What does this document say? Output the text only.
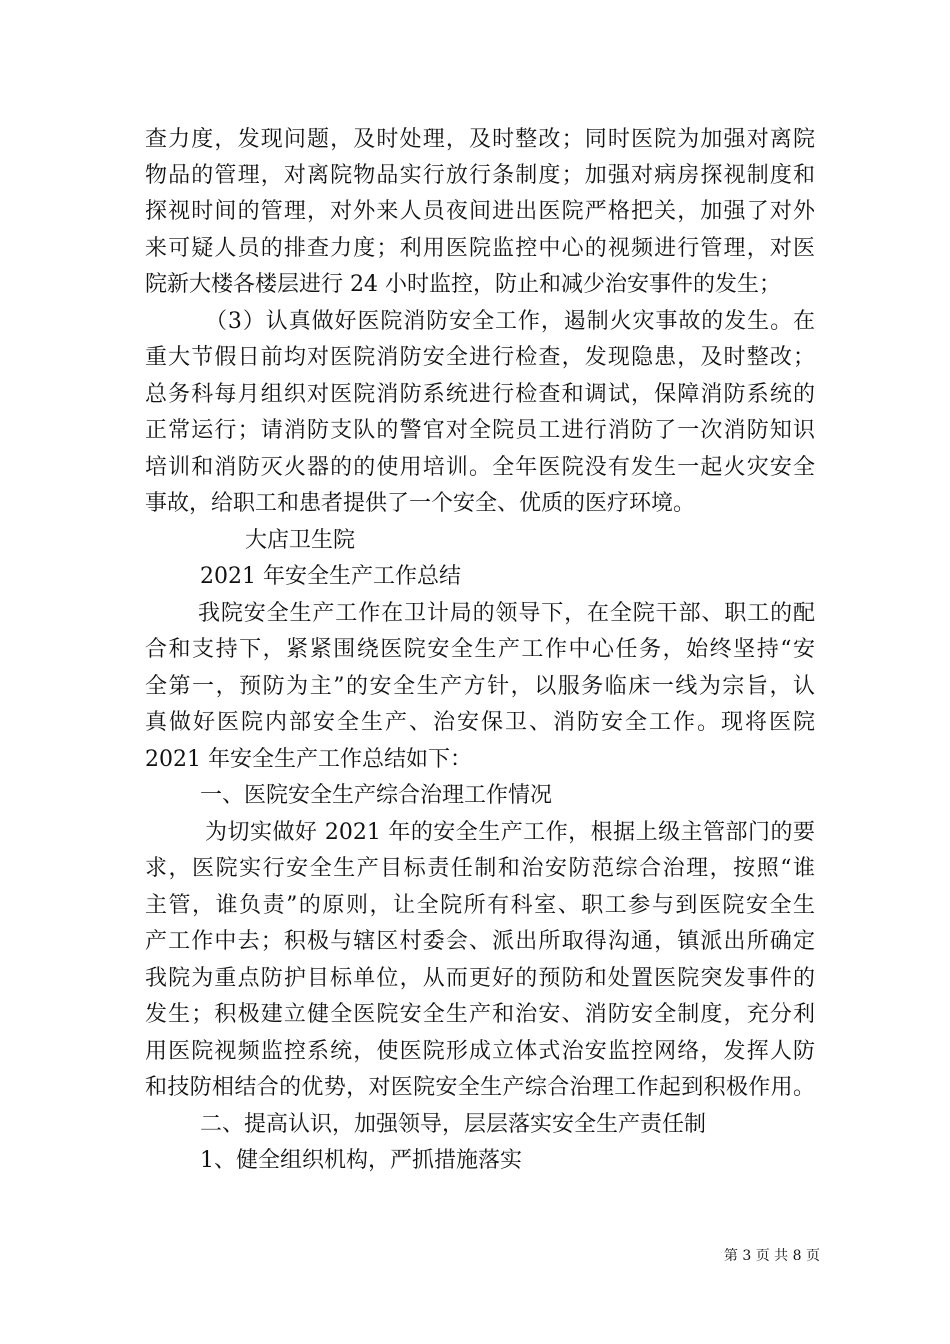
查力度，发现问题，及时处理，及时整改；同时医院为加强对离院
物品的管理，对离院物品实行放行条制度；加强对病房探视制度和
探视时间的管理，对外来人员夜间进出医院严格把关，加强了对外
来可疑人员的排查力度；利用医院监控中心的视频进行管理，对医
院新大楼各楼层进行 24 小时监控，防止和减少治安事件的发生；
（3）认真做好医院消防安全工作，遏制火灾事故的发生。在
重大节假日前均对医院消防安全进行检查，发现隐患，及时整改；
总务科每月组织对医院消防系统进行检查和调试，保障消防系统的
正常运行；请消防支队的警官对全院员工进行消防了一次消防知识
培训和消防灭火器的的使用培训。全年医院没有发生一起火灾安全
事故，给职工和患者提供了一个安全、优质的医疗环境。
大店卫生院
2021 年安全生产工作总结
我院安全生产工作在卫计局的领导下，在全院干部、职工的配
合和支持下，紧紧围绕医院安全生产工作中心任务，始终坚持“安
全第一，预防为主”的安全生产方针，以服务临床一线为宗旨，认
真做好医院内部安全生产、治安保卫、消防安全工作。现将医院
2021 年安全生产工作总结如下：
一、医院安全生产综合治理工作情况
为切实做好 2021 年的安全生产工作，根据上级主管部门的要
求，医院实行安全生产目标责任制和治安防范综合治理，按照“谁
主管，谁负责”的原则，让全院所有科室、职工参与到医院安全生
产工作中去；积极与辖区村委会、派出所取得沟通，镇派出所确定
我院为重点防护目标单位，从而更好的预防和处置医院突发事件的
发生；积极建立健全医院安全生产和治安、消防安全制度，充分利
用医院视频监控系统，使医院形成立体式治安监控网络，发挥人防
和技防相结合的优势，对医院安全生产综合治理工作起到积极作用。
二、提高认识，加强领导，层层落实安全生产责任制
1、健全组织机构，严抓措施落实
第 3 页 共 8 页
